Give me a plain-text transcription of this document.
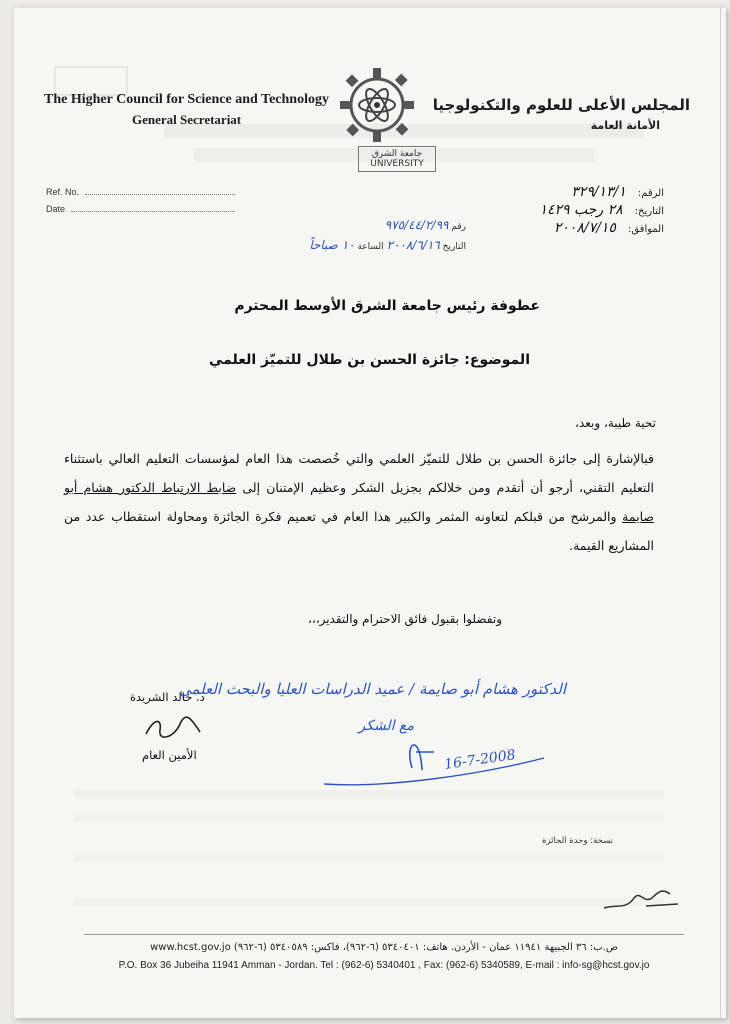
The Higher Council for Science and Technology
General Secretariat
المجلس الأعلى للعلوم والتكنولوجيا
الأمانة العامة
جامعة الشرق
UNIVERSITY
Ref. No.
Date
الرقم:٣٢٩/١٣/١
التاريخ:٢٨ رجب ١٤٢٩
الموافق:٢٠٠٨/٧/١٥
رقم ٩٧٥/٤٤/٢/٩٩
التاريخ ٢٠٠٨/٦/١٦ الساعة ١٠ صباحاً
عطوفة رئيس جامعة الشرق الأوسط المحترم
الموضوع: جائزة الحسن بن طلال للتميّز العلمي
تحية طيبة، وبعد،
فبالإشارة إلى جائزة الحسن بن طلال للتميّز العلمي والتي خُصصت هذا العام لمؤسسات التعليم العالي باستثناء التعليم التقني، أرجو أن أتقدم ومن خلالكم بجزيل الشكر وعظيم الإمتنان إلى ضابط الارتباط الدكتور هشام أبو صايمة والمرشح من قبلكم لتعاونه المثمر والكبير هذا العام في تعميم فكرة الجائزة ومحاولة استقطاب عدد من المشاريع القيمة.
وتفضلوا بقبول فائق الاحترام والتقدير،،،
د. خالد الشريدة
الأمين العام
الدكتور هشام أبو صايمة / عميد الدراسات العليا والبحث العلمي
مع الشكر
16-7-2008
نسخة: وحدة الجائزة
www.hcst.gov.jo ص.ب: ٣٦ الجبيهة ١١٩٤١ عمان - الأردن. هاتف: ٥٣٤٠٤٠١ (٦-٩٦٢)، فاكس: ٥٣٤٠٥٨٩ (٦-٩٦٢)
P.O. Box 36 Jubeiha 11941 Amman - Jordan. Tel : (962-6) 5340401 , Fax: (962-6) 5340589, E-mail : info-sg@hcst.gov.jo
